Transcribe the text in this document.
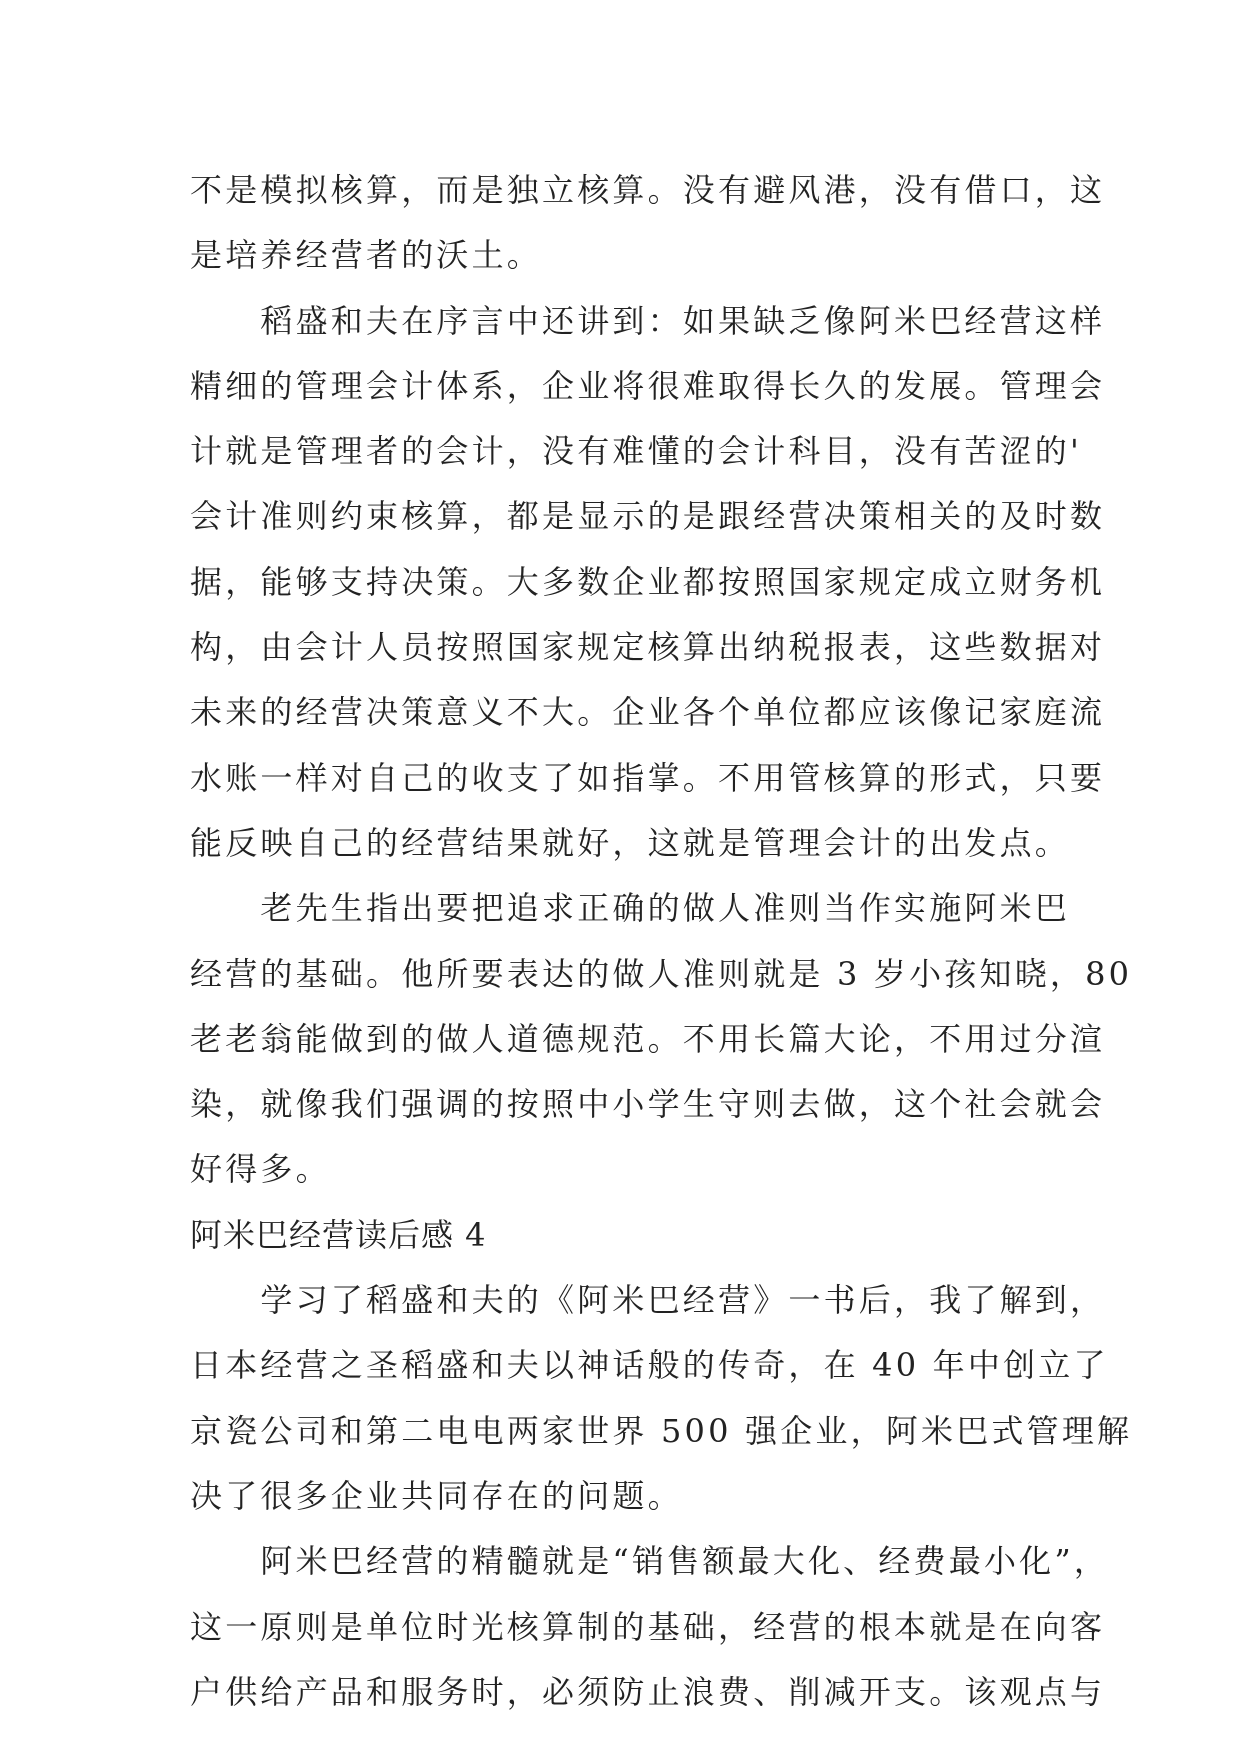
不是模拟核算，而是独立核算。没有避风港，没有借口，这
是培养经营者的沃土。
　　稻盛和夫在序言中还讲到：如果缺乏像阿米巴经营这样
精细的管理会计体系，企业将很难取得长久的发展。管理会
计就是管理者的会计，没有难懂的会计科目，没有苦涩的'
会计准则约束核算，都是显示的是跟经营决策相关的及时数
据，能够支持决策。大多数企业都按照国家规定成立财务机
构，由会计人员按照国家规定核算出纳税报表，这些数据对
未来的经营决策意义不大。企业各个单位都应该像记家庭流
水账一样对自己的收支了如指掌。不用管核算的形式，只要
能反映自己的经营结果就好，这就是管理会计的出发点。
　　老先生指出要把追求正确的做人准则当作实施阿米巴
经营的基础。他所要表达的做人准则就是 3 岁小孩知晓，80
老老翁能做到的做人道德规范。不用长篇大论，不用过分渲
染，就像我们强调的按照中小学生守则去做，这个社会就会
好得多。
阿米巴经营读后感 4
　　学习了稻盛和夫的《阿米巴经营》一书后，我了解到，
日本经营之圣稻盛和夫以神话般的传奇，在 40 年中创立了
京瓷公司和第二电电两家世界 500 强企业，阿米巴式管理解
决了很多企业共同存在的问题。
　　阿米巴经营的精髓就是“销售额最大化、经费最小化”，
这一原则是单位时光核算制的基础，经营的根本就是在向客
户供给产品和服务时，必须防止浪费、削减开支。该观点与
